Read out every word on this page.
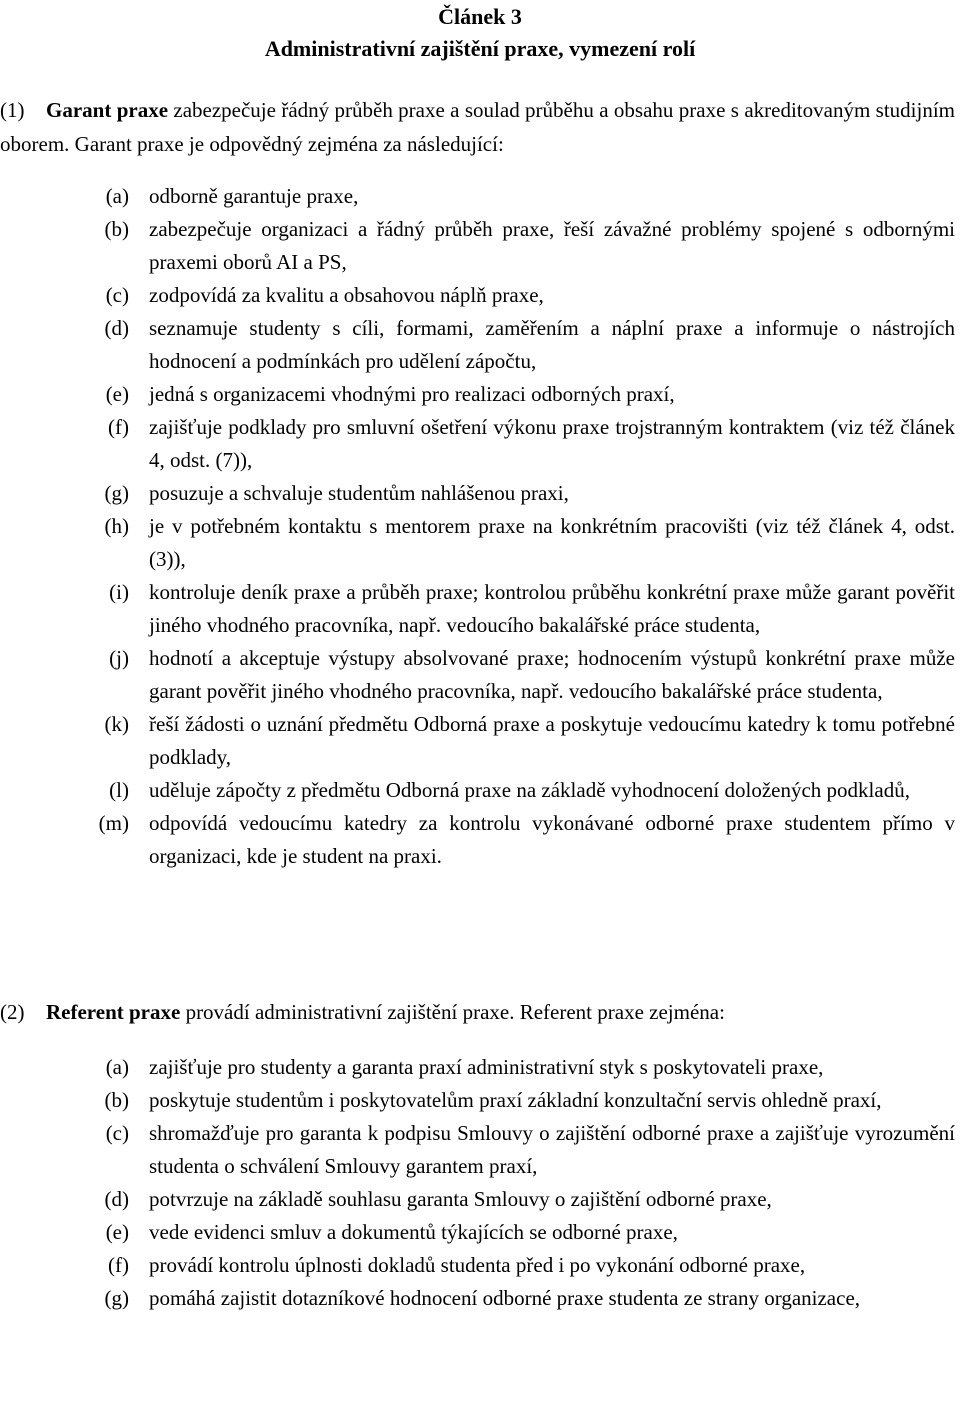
Článek 3
Administrativní zajištění praxe, vymezení rolí
(1) Garant praxe zabezpečuje řádný průběh praxe a soulad průběhu a obsahu praxe s akreditovaným studijním oborem. Garant praxe je odpovědný zejména za následující:
(a) odborně garantuje praxe,
(b) zabezpečuje organizaci a řádný průběh praxe, řeší závažné problémy spojené s odbornými praxemi oborů AI a PS,
(c) zodpovídá za kvalitu a obsahovou náplň praxe,
(d) seznamuje studenty s cíli, formami, zaměřením a náplní praxe a informuje o nástrojích hodnocení a podmínkách pro udělení zápočtu,
(e) jedná s organizacemi vhodnými pro realizaci odborných praxí,
(f) zajišťuje podklady pro smluvní ošetření výkonu praxe trojstranným kontraktem (viz též článek 4, odst. (7)),
(g) posuzuje a schvaluje studentům nahlášenou praxi,
(h) je v potřebném kontaktu s mentorem praxe na konkrétním pracovišti (viz též článek 4, odst. (3)),
(i) kontroluje deník praxe a průběh praxe; kontrolou průběhu konkrétní praxe může garant pověřit jiného vhodného pracovníka, např. vedoucího bakalářské práce studenta,
(j) hodnotí a akceptuje výstupy absolvované praxe; hodnocením výstupů konkrétní praxe může garant pověřit jiného vhodného pracovníka, např. vedoucího bakalářské práce studenta,
(k) řeší žádosti o uznání předmětu Odborná praxe a poskytuje vedoucímu katedry k tomu potřebné podklady,
(l) uděluje zápočty z předmětu Odborná praxe na základě vyhodnocení doložených podkladů,
(m) odpovídá vedoucímu katedry za kontrolu vykonávané odborné praxe studentem přímo v organizaci, kde je student na praxi.
(2) Referent praxe provádí administrativní zajištění praxe. Referent praxe zejména:
(a) zajišťuje pro studenty a garanta praxí administrativní styk s poskytovateli praxe,
(b) poskytuje studentům i poskytovatelům praxí základní konzultační servis ohledně praxí,
(c) shromažďuje pro garanta k podpisu Smlouvy o zajištění odborné praxe a zajišťuje vyrozumění studenta o schválení Smlouvy garantem praxí,
(d) potvrzuje na základě souhlasu garanta Smlouvy o zajištění odborné praxe,
(e) vede evidenci smluv a dokumentů týkajících se odborné praxe,
(f) provádí kontrolu úplnosti dokladů studenta před i po vykonání odborné praxe,
(g) pomáhá zajistit dotazníkové hodnocení odborné praxe studenta ze strany organizace,
